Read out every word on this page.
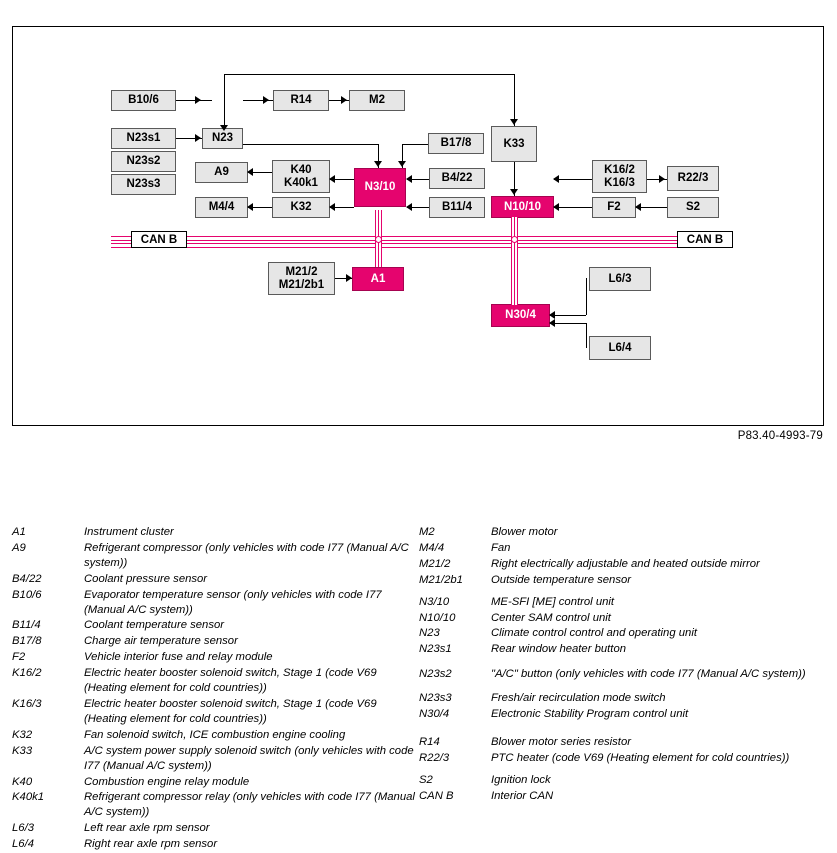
CAN B	CAN B
B10/6	R14	M2
N23s1	N23	B17/8	K33
N23s2
A9	K40
K40k1	N3/10
B4/22
K16/2
K16/3	R22/3
N23s3
M4/4	K32	B11/4	N10/10	F2	S2
M21/2
M21/2b1	A1	L6/3
N30/4
L6/4
P83.40-4993-79
A1	Instrument cluster
A9	Refrigerant compressor (only vehicles with code I77 (Manual A/C system))
B4/22	Coolant pressure sensor
B10/6	Evaporator temperature sensor (only vehicles with code I77 (Manual A/C system))
B11/4	Coolant temperature sensor
B17/8	Charge air temperature sensor
F2	Vehicle interior fuse and relay module
K16/2	Electric heater booster solenoid switch, Stage 1 (code V69 (Heating element for cold countries))
K16/3	Electric heater booster solenoid switch, Stage 1 (code V69 (Heating element for cold countries))
K32	Fan solenoid switch, ICE combustion engine cooling
K33	A/C system power supply solenoid switch (only vehicles with code I77 (Manual A/C system))
K40	Combustion engine relay module
K40k1	Refrigerant compressor relay (only vehicles with code I77 (Manual A/C system))
L6/3	Left rear axle rpm sensor
L6/4	Right rear axle rpm sensor
M2	Blower motor
M4/4	Fan
M21/2	Right electrically adjustable and heated outside mirror
M21/2b1	Outside temperature sensor
N3/10	ME-SFI [ME] control unit
N10/10	Center SAM control unit
N23	Climate control control and operating unit
N23s1	Rear window heater button
N23s2	"A/C" button (only vehicles with code I77 (Manual A/C system))
N23s3	Fresh/air recirculation mode switch
N30/4	Electronic Stability Program control unit
R14	Blower motor series resistor
R22/3	PTC heater (code V69 (Heating element for cold countries))
S2	Ignition lock
CAN B	Interior CAN
